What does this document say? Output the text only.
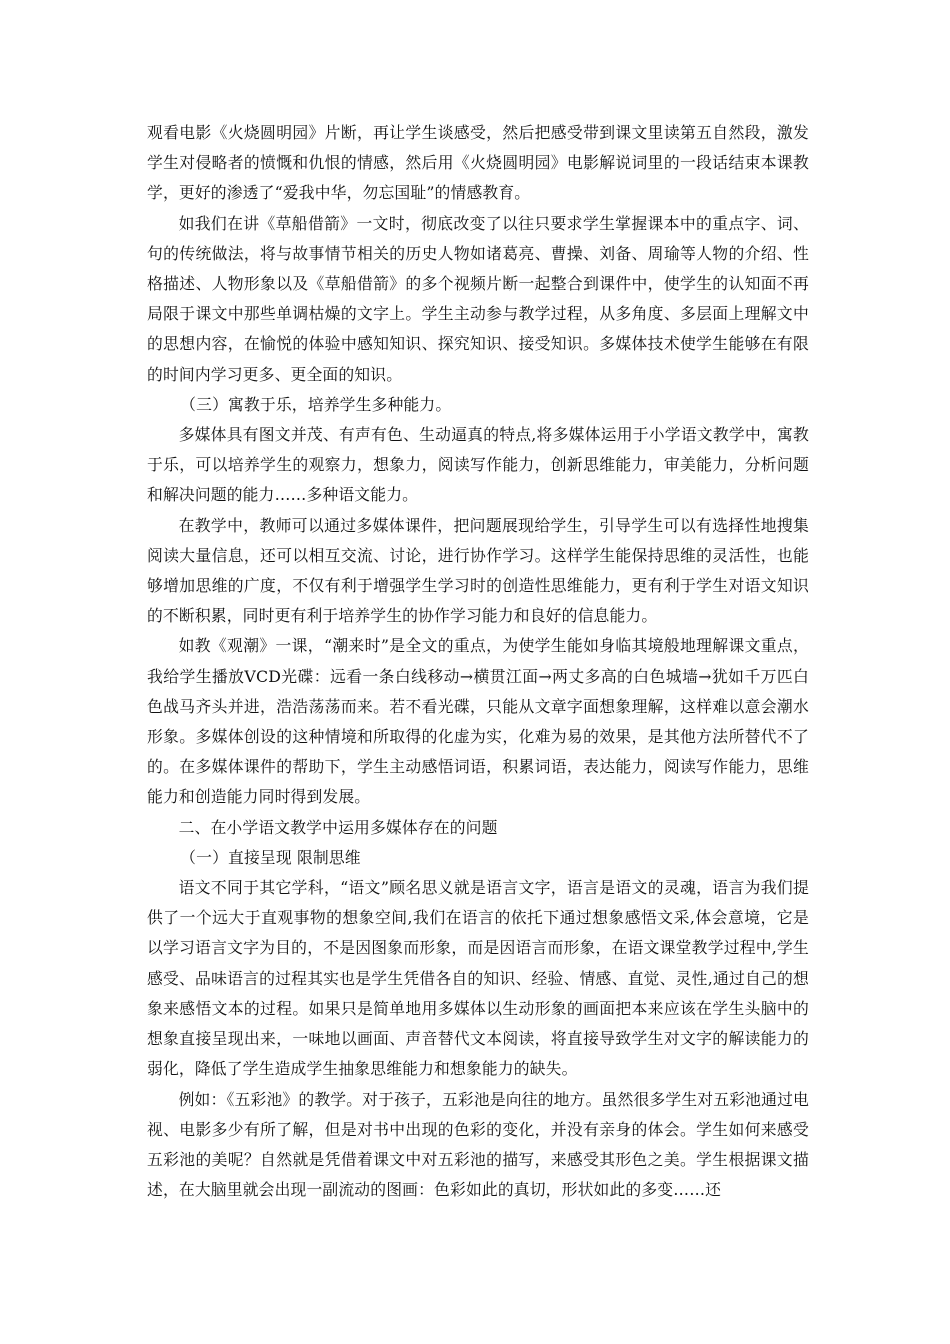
观看电影《火烧圆明园》片断，再让学生谈感受，然后把感受带到课文里读第五自然段，激发学生对侵略者的愤慨和仇恨的情感，然后用《火烧圆明园》电影解说词里的一段话结束本课教学，更好的渗透了“爱我中华，勿忘国耻”的情感教育。

如我们在讲《草船借箭》一文时，彻底改变了以往只要求学生掌握课本中的重点字、词、句的传统做法，将与故事情节相关的历史人物如诸葛亮、曹操、刘备、周瑜等人物的介绍、性格描述、人物形象以及《草船借箭》的多个视频片断一起整合到课件中，使学生的认知面不再局限于课文中那些单调枯燥的文字上。学生主动参与教学过程，从多角度、多层面上理解文中的思想内容，在愉悦的体验中感知知识、探究知识、接受知识。多媒体技术使学生能够在有限的时间内学习更多、更全面的知识。

（三）寓教于乐，培养学生多种能力。

多媒体具有图文并茂、有声有色、生动逼真的特点,将多媒体运用于小学语文教学中，寓教于乐，可以培养学生的观察力，想象力，阅读写作能力，创新思维能力，审美能力，分析问题和解决问题的能力……多种语文能力。

在教学中，教师可以通过多媒体课件，把问题展现给学生，引导学生可以有选择性地搜集阅读大量信息，还可以相互交流、讨论，进行协作学习。这样学生能保持思维的灵活性，也能够增加思维的广度，不仅有利于增强学生学习时的创造性思维能力，更有利于学生对语文知识的不断积累，同时更有利于培养学生的协作学习能力和良好的信息能力。

如教《观潮》一课，“潮来时”是全文的重点，为使学生能如身临其境般地理解课文重点，我给学生播放VCD光碟：远看一条白线移动→横贯江面→两丈多高的白色城墙→犹如千万匹白色战马齐头并进，浩浩荡荡而来。若不看光碟，只能从文章字面想象理解，这样难以意会潮水形象。多媒体创设的这种情境和所取得的化虚为实，化难为易的效果，是其他方法所替代不了的。在多媒体课件的帮助下，学生主动感悟词语，积累词语，表达能力，阅读写作能力，思维能力和创造能力同时得到发展。

二、在小学语文教学中运用多媒体存在的问题

（一）直接呈现 限制思维

语文不同于其它学科，“语文”顾名思义就是语言文字，语言是语文的灵魂，语言为我们提供了一个远大于直观事物的想象空间,我们在语言的依托下通过想象感悟文采,体会意境，它是以学习语言文字为目的，不是因图象而形象，而是因语言而形象，在语文课堂教学过程中,学生感受、品味语言的过程其实也是学生凭借各自的知识、经验、情感、直觉、灵性,通过自己的想象来感悟文本的过程。如果只是简单地用多媒体以生动形象的画面把本来应该在学生头脑中的想象直接呈现出来，一味地以画面、声音替代文本阅读，将直接导致学生对文字的解读能力的弱化，降低了学生造成学生抽象思维能力和想象能力的缺失。

例如：《五彩池》的教学。对于孩子，五彩池是向往的地方。虽然很多学生对五彩池通过电视、电影多少有所了解，但是对书中出现的色彩的变化，并没有亲身的体会。学生如何来感受五彩池的美呢？自然就是凭借着课文中对五彩池的描写，来感受其形色之美。学生根据课文描述，在大脑里就会出现一副流动的图画：色彩如此的真切，形状如此的多变……还
